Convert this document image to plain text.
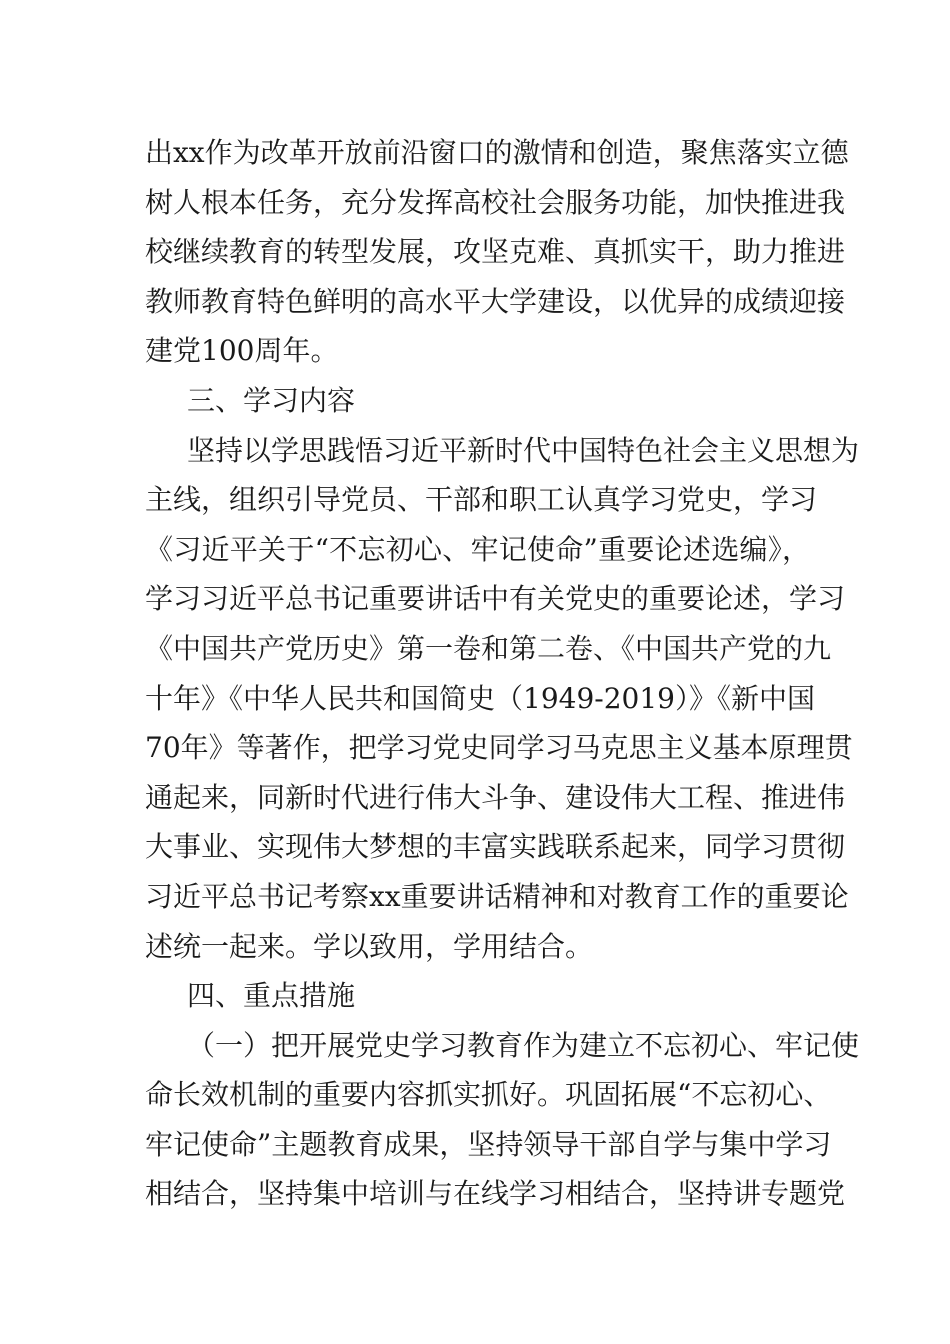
出xx作为改革开放前沿窗口的激情和创造，聚焦落实立德
树人根本任务，充分发挥高校社会服务功能，加快推进我
校继续教育的转型发展，攻坚克难、真抓实干，助力推进
教师教育特色鲜明的高水平大学建设，以优异的成绩迎接
建党100周年。
三、学习内容
坚持以学思践悟习近平新时代中国特色社会主义思想为
主线，组织引导党员、干部和职工认真学习党史，学习
《习近平关于“不忘初心、牢记使命”重要论述选编》，
学习习近平总书记重要讲话中有关党史的重要论述，学习
《中国共产党历史》第一卷和第二卷、《中国共产党的九
十年》《中华人民共和国简史（1949-2019）》《新中国
70年》等著作，把学习党史同学习马克思主义基本原理贯
通起来，同新时代进行伟大斗争、建设伟大工程、推进伟
大事业、实现伟大梦想的丰富实践联系起来，同学习贯彻
习近平总书记考察xx重要讲话精神和对教育工作的重要论
述统一起来。学以致用，学用结合。
四、重点措施
（一）把开展党史学习教育作为建立不忘初心、牢记使
命长效机制的重要内容抓实抓好。巩固拓展“不忘初心、
牢记使命”主题教育成果，坚持领导干部自学与集中学习
相结合，坚持集中培训与在线学习相结合，坚持讲专题党
